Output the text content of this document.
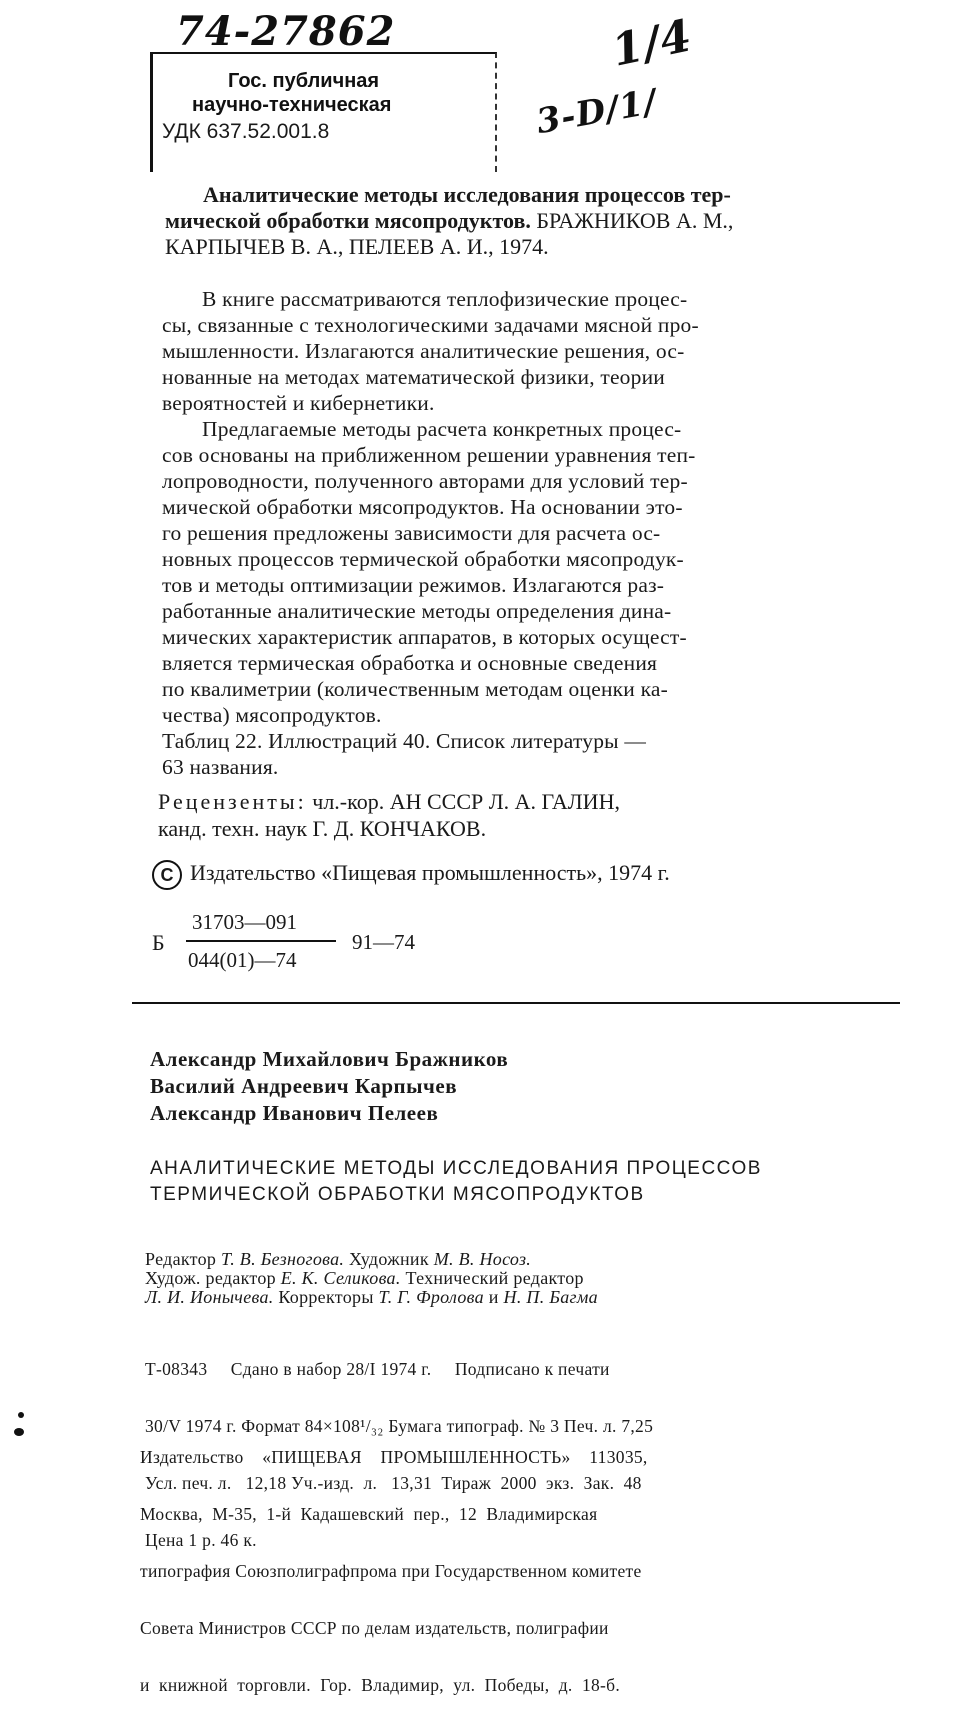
74-27862	1/4
3-D/1/
Гос. публичная
научно-техническая
УДК 637.52.001.8
Аналитические методы исследования процессов тер-
мической обработки мясопродуктов. БРАЖНИКОВ А. М.,
КАРПЫЧЕВ В. А., ПЕЛЕЕВ А. И., 1974.
В книге рассматриваются теплофизические процес-
сы, связанные с технологическими задачами мясной про-
мышленности. Излагаются аналитические решения, ос-
нованные на методах математической физики, теории
вероятностей и кибернетики.
Предлагаемые методы расчета конкретных процес-
сов основаны на приближенном решении уравнения теп-
лопроводности, полученного авторами для условий тер-
мической обработки мясопродуктов. На основании это-
го решения предложены зависимости для расчета ос-
новных процессов термической обработки мясопродук-
тов и методы оптимизации режимов. Излагаются раз-
работанные аналитические методы определения дина-
мических характеристик аппаратов, в которых осущест-
вляется термическая обработка и основные сведения
по квалиметрии (количественным методам оценки ка-
чества) мясопродуктов.
Таблиц 22. Иллюстраций 40. Список литературы —
63 названия.
Рецензенты: чл.-кор. АН СССР Л. А. ГАЛИН,
канд. техн. наук Г. Д. КОНЧАКОВ.
C Издательство «Пищевая промышленность», 1974 г.
Б
31703—091
044(01)—74
91—74
Александр Михайлович Бражников
Василий Андреевич Карпычев
Александр Иванович Пелеев
АНАЛИТИЧЕСКИЕ МЕТОДЫ ИССЛЕДОВАНИЯ ПРОЦЕССОВ
ТЕРМИЧЕСКОЙ ОБРАБОТКИ МЯСОПРОДУКТОВ
Редактор Т. В. Безногова. Художник М. В. Носоз.
Худож. редактор Е. К. Селикова. Технический редактор
Л. И. Ионычева. Корректоры Т. Г. Фролова и Н. П. Багма

Т-08343     Сдано в набор 28/I 1974 г.     Подписано к печати

30/V 1974 г. Формат 84×108¹/₃₂ Бумага типограф. № 3 Печ. л. 7,25

Усл. печ. л.   12,18 Уч.-изд.  л.   13,31  Тираж  2000  экз.  Зак.  48

Цена 1 р. 46 к.

Издательство    «ПИЩЕВАЯ    ПРОМЫШЛЕННОСТЬ»    113035,

Москва,  М-35,  1-й  Кадашевский  пер.,  12  Владимирская

типография Союзполиграфпрома при Государственном комитете

Совета Министров СССР по делам издательств, полиграфии

и  книжной  торговли.  Гор.  Владимир,  ул.  Победы,  д.  18-б.
